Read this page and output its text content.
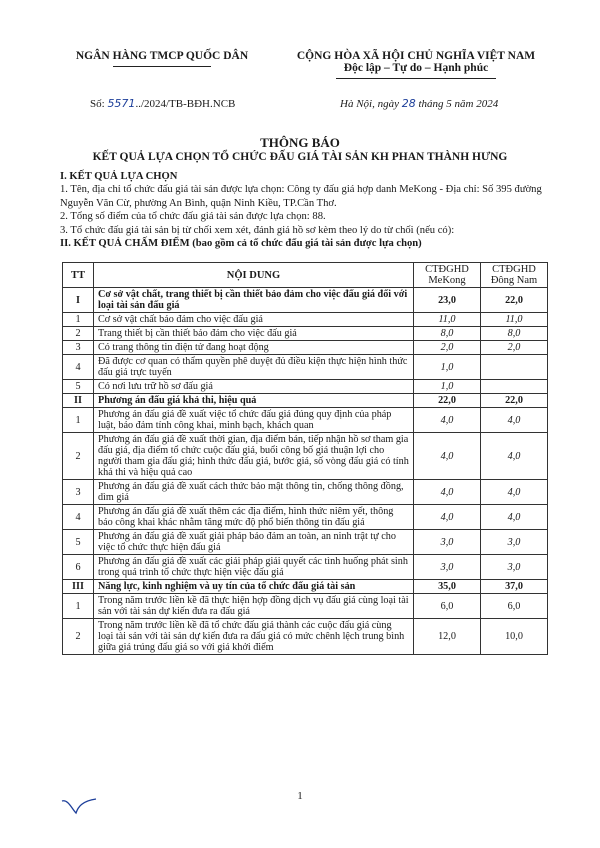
NGÂN HÀNG TMCP QUỐC DÂN	CỘNG HÒA XÃ HỘI CHỦ NGHĨA VIỆT NAM
Độc lập – Tự do – Hạnh phúc
Số: 5571../2024/TB-BĐH.NCB	Hà Nội, ngày 28 tháng 5 năm 2024
THÔNG BÁO
KẾT QUẢ LỰA CHỌN TỔ CHỨC ĐẤU GIÁ TÀI SẢN KH PHAN THÀNH HƯNG
I. KẾT QUẢ LỰA CHỌN
1. Tên, địa chỉ tổ chức đấu giá tài sản được lựa chọn: Công ty đấu giá hợp danh MeKong - Địa chỉ: Số 395 đường Nguyễn Văn Cừ, phường An Bình, quận Ninh Kiều, TP.Cần Thơ.
2. Tổng số điểm của tổ chức đấu giá tài sản được lựa chọn: 88.
3. Tổ chức đấu giá tài sản bị từ chối xem xét, đánh giá hồ sơ kèm theo lý do từ chối (nếu có):
II. KẾT QUẢ CHẤM ĐIỂM (bao gồm cả tổ chức đấu giá tài sản được lựa chọn)
TT	NỘI DUNG	CTĐGHD MeKong	CTĐGHD Đông Nam
I	Cơ sở vật chất, trang thiết bị cần thiết bảo đảm cho việc đấu giá đối với loại tài sản đấu giá	23,0	22,0
1	Cơ sở vật chất bảo đảm cho việc đấu giá	11,0	11,0
2	Trang thiết bị cần thiết bảo đảm cho việc đấu giá	8,0	8,0
3	Có trang thông tin điện tử đang hoạt động	2,0	2,0
4	Đã được cơ quan có thẩm quyền phê duyệt đủ điều kiện thực hiện hình thức đấu giá trực tuyến	1,0	
5	Có nơi lưu trữ hồ sơ đấu giá	1,0	
II	Phương án đấu giá khả thi, hiệu quả	22,0	22,0
1	Phương án đấu giá đề xuất việc tổ chức đấu giá đúng quy định của pháp luật, bảo đảm tính công khai, minh bạch, khách quan	4,0	4,0
2	Phương án đấu giá đề xuất thời gian, địa điểm bán, tiếp nhận hồ sơ tham gia đấu giá, địa điểm tổ chức cuộc đấu giá, buổi công bố giá thuận lợi cho người tham gia đấu giá; hình thức đấu giá, bước giá, số vòng đấu giá có tính khả thi và hiệu quả cao	4,0	4,0
3	Phương án đấu giá đề xuất cách thức bảo mật thông tin, chống thông đồng, dìm giá	4,0	4,0
4	Phương án đấu giá đề xuất thêm các địa điểm, hình thức niêm yết, thông báo công khai khác nhằm tăng mức độ phổ biến thông tin đấu giá	4,0	4,0
5	Phương án đấu giá đề xuất giải pháp bảo đảm an toàn, an ninh trật tự cho việc tổ chức thực hiện đấu giá	3,0	3,0
6	Phương án đấu giá đề xuất các giải pháp giải quyết các tình huống phát sinh trong quá trình tổ chức thực hiện việc đấu giá	3,0	3,0
III	Năng lực, kinh nghiệm và uy tín của tổ chức đấu giá tài sản	35,0	37,0
1	Trong năm trước liền kề đã thực hiện hợp đồng dịch vụ đấu giá cùng loại tài sản với tài sản dự kiến đưa ra đấu giá	6,0	6,0
2	Trong năm trước liền kề đã tổ chức đấu giá thành các cuộc đấu giá cùng loại tài sản với tài sản dự kiến đưa ra đấu giá có mức chênh lệch trung bình giữa giá trúng đấu giá so với giá khởi điểm	12,0	10,0
1
